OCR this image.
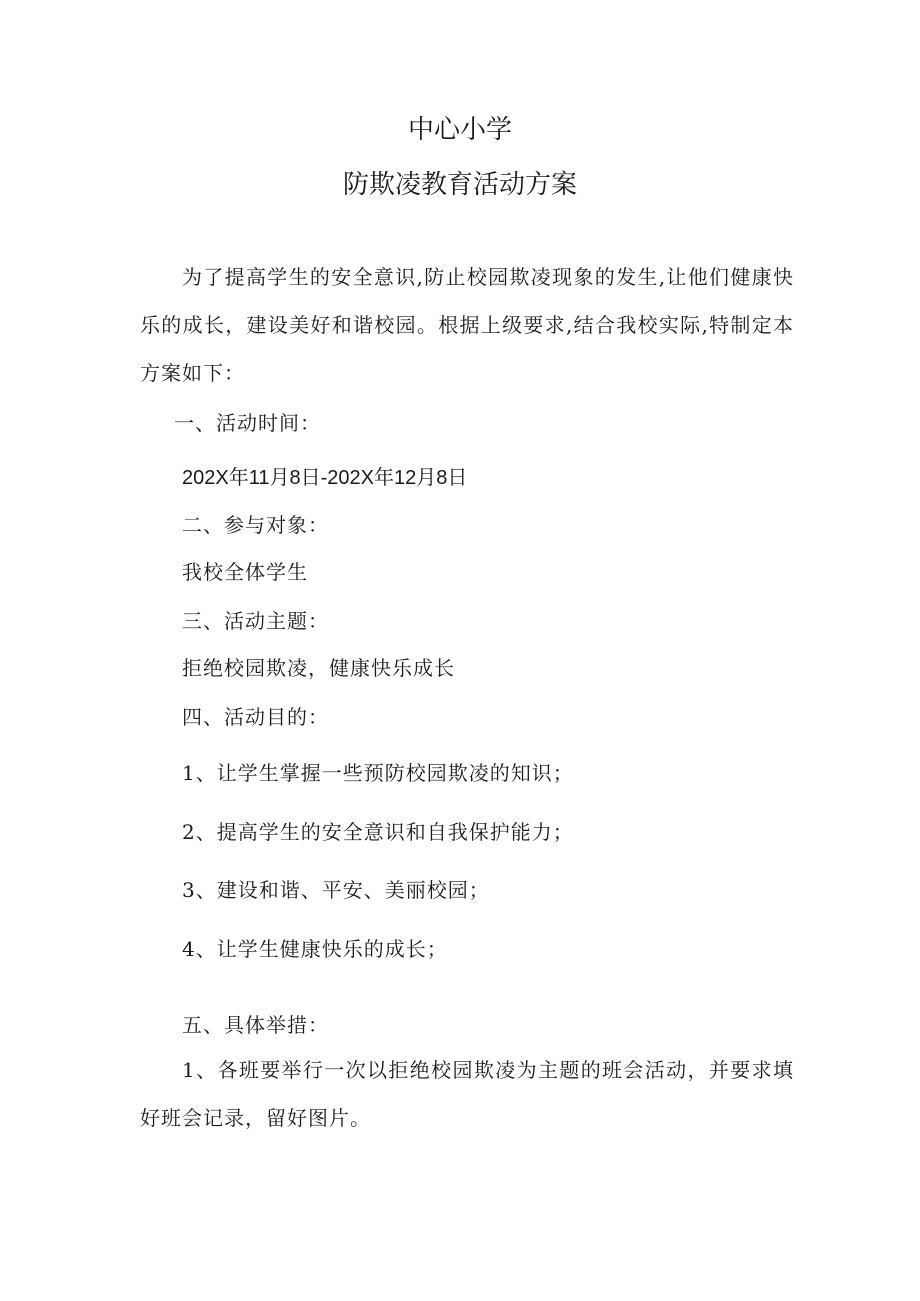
中心小学
防欺凌教育活动方案

为了提高学生的安全意识,防止校园欺凌现象的发生,让他们健康快乐的成长，建设美好和谐校园。根据上级要求,结合我校实际,特制定本方案如下：

一、活动时间：

202X年11月8日-202X年12月8日

二、参与对象：

我校全体学生

三、活动主题：

拒绝校园欺凌，健康快乐成长

四、活动目的：

1、让学生掌握一些预防校园欺凌的知识；

2、提高学生的安全意识和自我保护能力；

3、建设和谐、平安、美丽校园；

4、让学生健康快乐的成长；

五、具体举措：

1、各班要举行一次以拒绝校园欺凌为主题的班会活动，并要求填好班会记录，留好图片。
